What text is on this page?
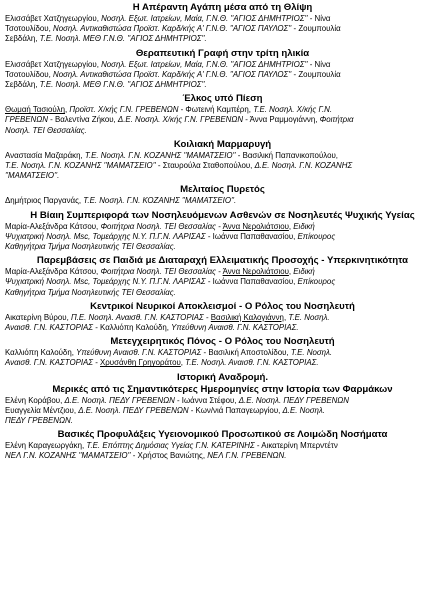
Η Απέραντη Αγάπη μέσα από τη Θλίψη

Ελισσάβετ Χατζηγεωργίου, Νοσηλ. Εξωτ. Ιατρείων, Μαία, Γ.Ν.Θ. ''ΑΓΙΟΣ ΔΗΜΗΤΡΙΟΣ'' - Νίνα

Τσοτουλίδου, Νοσηλ. Αντικαθιστώσα Προϊστ. Καρδ/κής Α' Γ.Ν.Θ. ''ΑΓΙΟΣ ΠΑΥΛΟΣ'' - Ζουμπουλία

Σεβδάλη, Τ.Ε. Νοσηλ. ΜΕΘ Γ.Ν.Θ. ''ΑΓΙΟΣ ΔΗΜΗΤΡΙΟΣ''.

Θεραπευτική Γραφή στην τρίτη ηλικία

Ελισσάβετ Χατζηγεωργίου, Νοσηλ. Εξωτ. Ιατρείων, Μαία, Γ.Ν.Θ. ''ΑΓΙΟΣ ΔΗΜΗΤΡΙΟΣ'' - Νίνα

Τσοτουλίδου, Νοσηλ. Αντικαθιστώσα Προϊστ. Καρδ/κής Α' Γ.Ν.Θ. ''ΑΓΙΟΣ ΠΑΥΛΟΣ'' - Ζουμπουλία

Σεβδάλη, Τ.Ε. Νοσηλ. ΜΕΘ Γ.Ν.Θ. ''ΑΓΙΟΣ ΔΗΜΗΤΡΙΟΣ''.

Έλκος υπό Πίεση

Θωμαή Τασιούλη, Προϊστ. Χ/κής Γ.Ν. ΓΡΕΒΕΝΩΝ - Φωτεινή Καμπέρη, Τ.Ε. Νοσηλ. Χ/κής Γ.Ν.

ΓΡΕΒΕΝΩΝ - Βαλεντίνα Ζήκου, Δ.Ε. Νοσηλ. Χ/κής Γ.Ν. ΓΡΕΒΕΝΩΝ - Άννα Ραμμογιάννη, Φοιτήτρια

Νοσηλ. ΤΕΙ Θεσσαλίας.

Κοιλιακή Μαρμαρυγή

Αναστασία Μαζαράκη, Τ.Ε. Νοσηλ. Γ.Ν. ΚΟΖΑΝΗΣ ''ΜΑΜΑΤΣΕΙΟ'' - Βασιλική Παπανικοπούλου,

Τ.Ε. Νοσηλ. Γ.Ν. ΚΟΖΑΝΗΣ ''ΜΑΜΑΤΣΕΙΟ'' - Σταυρούλα Σταθοπούλου, Δ.Ε. Νοσηλ. Γ.Ν. ΚΟΖΑΝΗΣ

''ΜΑΜΑΤΣΕΙΟ''.

Μελιταίος Πυρετός

Δημήτριος Παργανάς, Τ.Ε. Νοσηλ. Γ.Ν. ΚΟΖΑΝΗΣ ''ΜΑΜΑΤΣΕΙΟ''.

Η Βίαιη Συμπεριφορά των Νοσηλευόμενων Ασθενών σε Νοσηλευτές Ψυχικής Υγείας

Μαρία-Αλεξάνδρα Κάτσου, Φοιτήτρια Νοσηλ. ΤΕΙ Θεσσαλίας - Άννα Νερολιάτσιου, Ειδική

Ψυχιατρική Νοσηλ. Msc, Τομεάρχης Ν.Υ. Π.Γ.Ν. ΛΑΡΙΣΑΣ - Ιωάννα Παπαθανασίου, Επίκουρος

Καθηγήτρια Τμήμα Νοσηλευτικής ΤΕΙ Θεσσαλίας.

Παρεμβάσεις σε Παιδιά με Διαταραχή Ελλειματικής Προσοχής - Υπερκινητικότητα

Μαρία-Αλεξάνδρα Κάτσου, Φοιτήτρια Νοσηλ. ΤΕΙ Θεσσαλίας - Άννα Νερολιάτσιου, Ειδική

Ψυχιατρική Νοσηλ. Msc, Τομεάρχης Ν.Υ. Π.Γ.Ν. ΛΑΡΙΣΑΣ - Ιωάννα Παπαθανασίου, Επίκουρος

Καθηγήτρια Τμήμα Νοσηλευτικής ΤΕΙ Θεσσαλίας.

Κεντρικοί Νευρικοί Αποκλεισμοί - Ο Ρόλος του Νοσηλευτή

Αικατερίνη Βύρου, Π.Ε. Νοσηλ. Αναισθ. Γ.Ν. ΚΑΣΤΟΡΙΑΣ - Βασιλική Καλογιάννη, Τ.Ε. Νοσηλ.

Αναισθ. Γ.Ν. ΚΑΣΤΟΡΙΑΣ - Καλλιόπη Καλούδη, Υπεύθυνη Αναισθ. Γ.Ν. ΚΑΣΤΟΡΙΑΣ.

Μετεγχειρητικός Πόνος - Ο Ρόλος του Νοσηλευτή

Καλλιόπη Καλούδη, Υπεύθυνη Αναισθ. Γ.Ν. ΚΑΣΤΟΡΙΑΣ - Βασιλική Αποστολίδου, Τ.Ε. Νοσηλ.

Αναισθ. Γ.Ν. ΚΑΣΤΟΡΙΑΣ - Χρυσάνθη Γρηγοράτου, Τ.Ε. Νοσηλ. Αναισθ. Γ.Ν. ΚΑΣΤΟΡΙΑΣ.

Ιστορική Αναδρομή.

Μερικές από τις Σημαντικότερες Ημερομηνίες στην Ιστορία των Φαρμάκων

Ελένη Κοράβου, Δ.Ε. Νοσηλ. ΠΕΔΥ ΓΡΕΒΕΝΩΝ - Ιωάννα Στέφου, Δ.Ε. Νοσηλ. ΠΕΔΥ ΓΡΕΒΕΝΩΝ

Ευαγγελία Μέντζιου, Δ.Ε. Νοσηλ. ΠΕΔΥ ΓΡΕΒΕΝΩΝ - Κων/νιά Παπαγεωργίου, Δ.Ε. Νοσηλ.

ΠΕΔΥ ΓΡΕΒΕΝΩΝ.

Βασικές Προφυλάξεις Υγειονομικού Προσωπικού σε Λοιμώδη Νοσήματα

Ελένη Καραγεωργάκη, Τ.Ε. Επόπτης Δημόσιας Υγείας Γ.Ν. ΚΑΤΕΡΙΝΗΣ - Αικατερίνη Μπερντέτν

ΝΕΛ Γ.Ν. ΚΟΖΑΝΗΣ ''ΜΑΜΑΤΣΕΙΟ'' - Χρήστος Βανιώτης, ΝΕΛ Γ.Ν. ΓΡΕΒΕΝΩΝ.
